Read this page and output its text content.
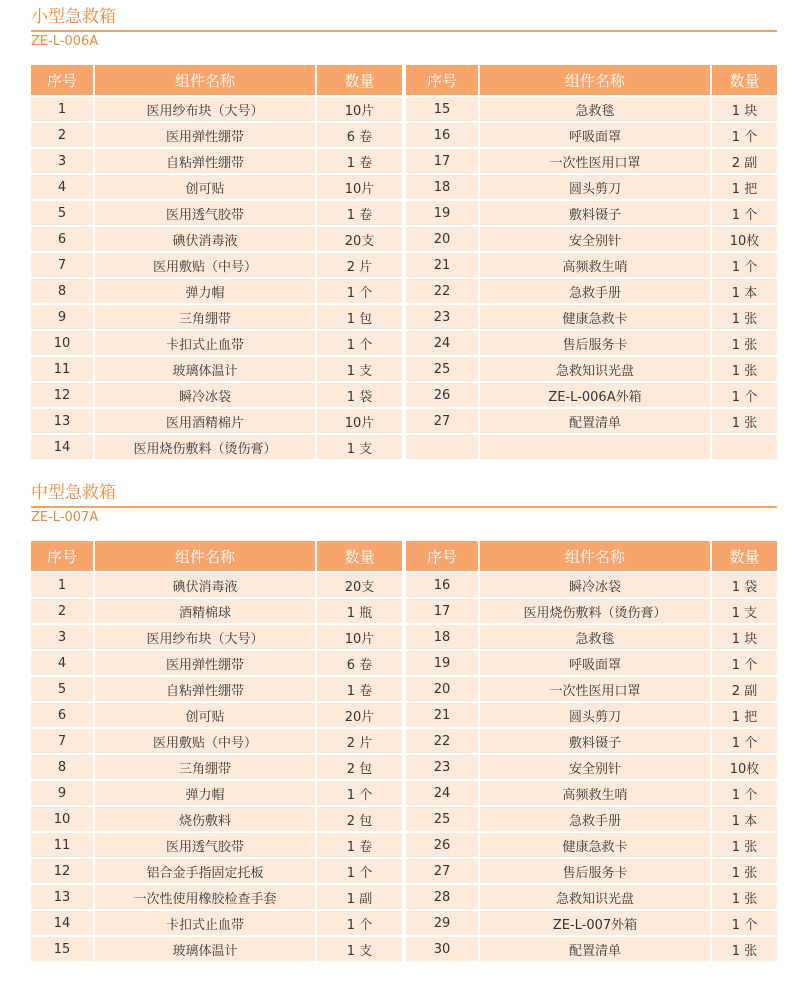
小型急救箱
ZE-L-006A
序号	组件名称	数量
1	医用纱布块（大号）	10片
2	医用弹性绷带	6 卷
3	自粘弹性绷带	1 卷
4	创可贴	10片
5	医用透气胶带	1 卷
6	碘伏消毒液	20支
7	医用敷贴（中号）	2 片
8	弹力帽	1 个
9	三角绷带	1 包
10	卡扣式止血带	1 个
11	玻璃体温计	1 支
12	瞬冷冰袋	1 袋
13	医用酒精棉片	10片
14	医用烧伤敷料（烫伤膏）	1 支
序号	组件名称	数量
15	急救毯	1 块
16	呼吸面罩	1 个
17	一次性医用口罩	2 副
18	圆头剪刀	1 把
19	敷料镊子	1 个
20	安全别针	10枚
21	高频救生哨	1 个
22	急救手册	1 本
23	健康急救卡	1 张
24	售后服务卡	1 张
25	急救知识光盘	1 张
26	ZE-L-006A外箱	1 个
27	配置清单	1 张

中型急救箱
ZE-L-007A
序号	组件名称	数量
1	碘伏消毒液	20支
2	酒精棉球	1 瓶
3	医用纱布块（大号）	10片
4	医用弹性绷带	6 卷
5	自粘弹性绷带	1 卷
6	创可贴	20片
7	医用敷贴（中号）	2 片
8	三角绷带	2 包
9	弹力帽	1 个
10	烧伤敷料	2 包
11	医用透气胶带	1 卷
12	铝合金手指固定托板	1 个
13	一次性使用橡胶检查手套	1 副
14	卡扣式止血带	1 个
15	玻璃体温计	1 支
序号	组件名称	数量
16	瞬冷冰袋	1 袋
17	医用烧伤敷料（烫伤膏）	1 支
18	急救毯	1 块
19	呼吸面罩	1 个
20	一次性医用口罩	2 副
21	圆头剪刀	1 把
22	敷料镊子	1 个
23	安全别针	10枚
24	高频救生哨	1 个
25	急救手册	1 本
26	健康急救卡	1 张
27	售后服务卡	1 张
28	急救知识光盘	1 张
29	ZE-L-007外箱	1 个
30	配置清单	1 张
